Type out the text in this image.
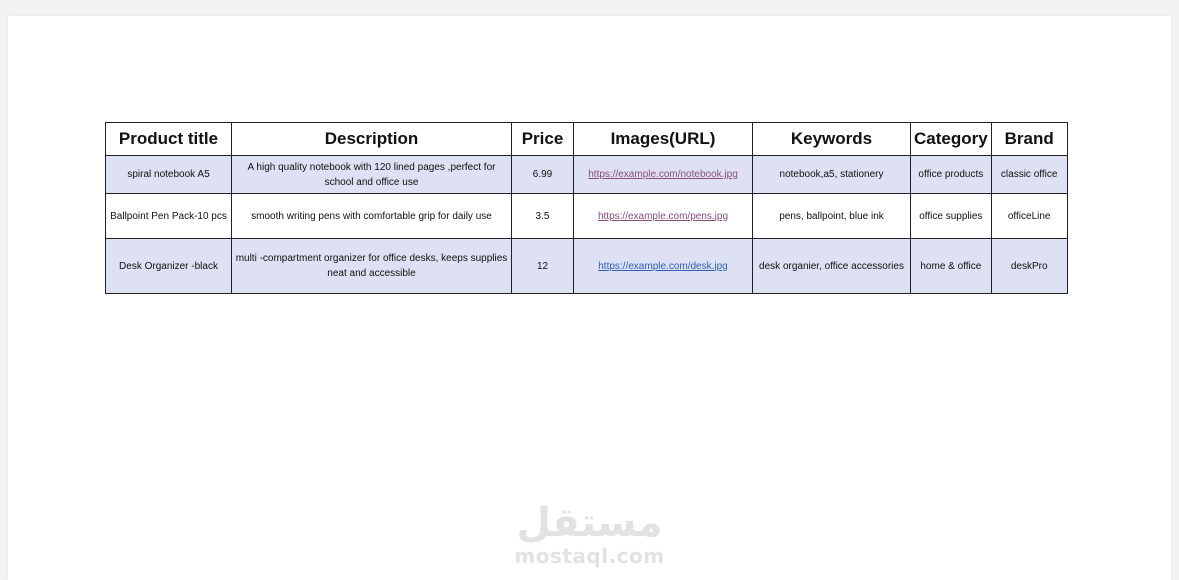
Product title	Description	Price	Images(URL)	Keywords	Category	Brand
spiral notebook A5	A high quality notebook with 120 lined pages ,perfect for school and office use	6.99	https://example.com/notebook.jpg	notebook,a5, stationery	office products	classic office
Ballpoint Pen Pack-10 pcs	smooth writing pens with comfortable grip for daily use	3.5	https://example.com/pens.jpg	pens, ballpoint, blue ink	office supplies	officeLine
Desk Organizer -black	multi -compartment organizer for office desks, keeps supplies neat and accessible	12	https://example.com/desk.jpg	desk organier, office accessories	home & office	deskPro
مستقل
mostaql.com
